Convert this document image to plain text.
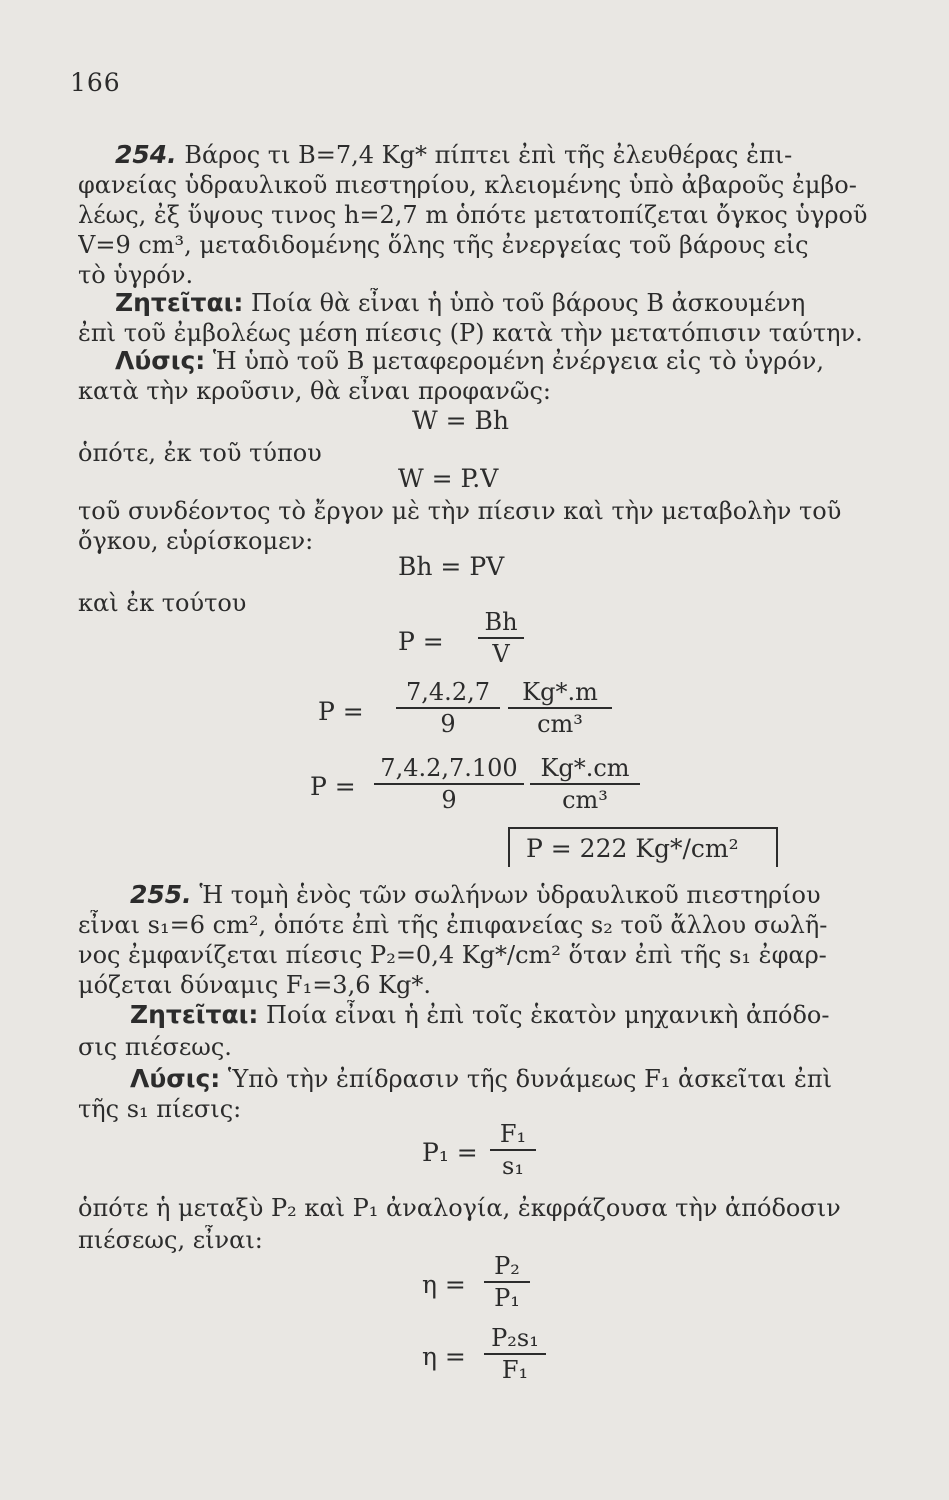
166
254. Βάρος τι B=7,4 Kg* πίπτει ἐπὶ τῆς ἐλευθέρας ἐπι-
φανείας ὑδραυλικοῦ πιεστηρίου, κλειομένης ὑπὸ ἀβαροῦς ἐμβο-
λέως, ἐξ ὕψους τινος h=2,7 m ὁπότε μετατοπίζεται ὄγκος ὑγροῦ
V=9 cm³, μεταδιδομένης ὅλης τῆς ἐνεργείας τοῦ βάρους εἰς
τὸ ὑγρόν.
Ζητεῖται: Ποία θὰ εἶναι ἡ ὑπὸ τοῦ βάρους Β ἀσκουμένη
ἐπὶ τοῦ ἐμβολέως μέση πίεσις (P) κατὰ τὴν μετατόπισιν ταύτην.
Λύσις: Ἡ ὑπὸ τοῦ Β μεταφερομένη ἐνέργεια εἰς τὸ ὑγρόν,
κατὰ τὴν κροῦσιν, θὰ εἶναι προφανῶς:
W = Bh
ὁπότε, ἐκ τοῦ τύπου
W = P.V
τοῦ συνδέοντος τὸ ἔργον μὲ τὴν πίεσιν καὶ τὴν μεταβολὴν τοῦ
ὄγκου, εὑρίσκομεν:
Bh = PV
καὶ ἐκ τούτου
$P = \frac{Bh}{V}$
$P = \frac{7,4.2,7}{9} \frac{Kg*.m}{\text{cm³}}$
$P = \frac{7,4.2,7.100}{9} \frac{Kg*.cm}{\text{cm³}}$
P = 222 Kg*/cm²
255. Ἡ τομὴ ἑνὸς τῶν σωλήνων ὑδραυλικοῦ πιεστηρίου
εἶναι s₁=6 cm², ὁπότε ἐπὶ τῆς ἐπιφανείας s₂ τοῦ ἄλλου σωλῆ-
νος ἐμφανίζεται πίεσις P₂=0,4 Kg*/cm² ὅταν ἐπὶ τῆς s₁ ἐφαρ-
μόζεται δύναμις F₁=3,6 Kg*.
Ζητεῖται: Ποία εἶναι ἡ ἐπὶ τοῖς ἑκατὸν μηχανικὴ ἀπόδο-
σις πιέσεως.
Λύσις: Ὑπὸ τὴν ἐπίδρασιν τῆς δυνάμεως F₁ ἀσκεῖται ἐπὶ
τῆς s₁ πίεσις:
$P_1 = \frac{\text{F₁}}{\text{s₁}}$
ὁπότε ἡ μεταξὺ P₂ καὶ P₁ ἀναλογία, ἐκφράζουσα τὴν ἀπόδοσιν
πιέσεως, εἶναι:
$\eta = \frac{\text{P₂}}{\text{P₁}}$
$\eta = \frac{\text{P₂s₁}}{\text{F₁}}$
